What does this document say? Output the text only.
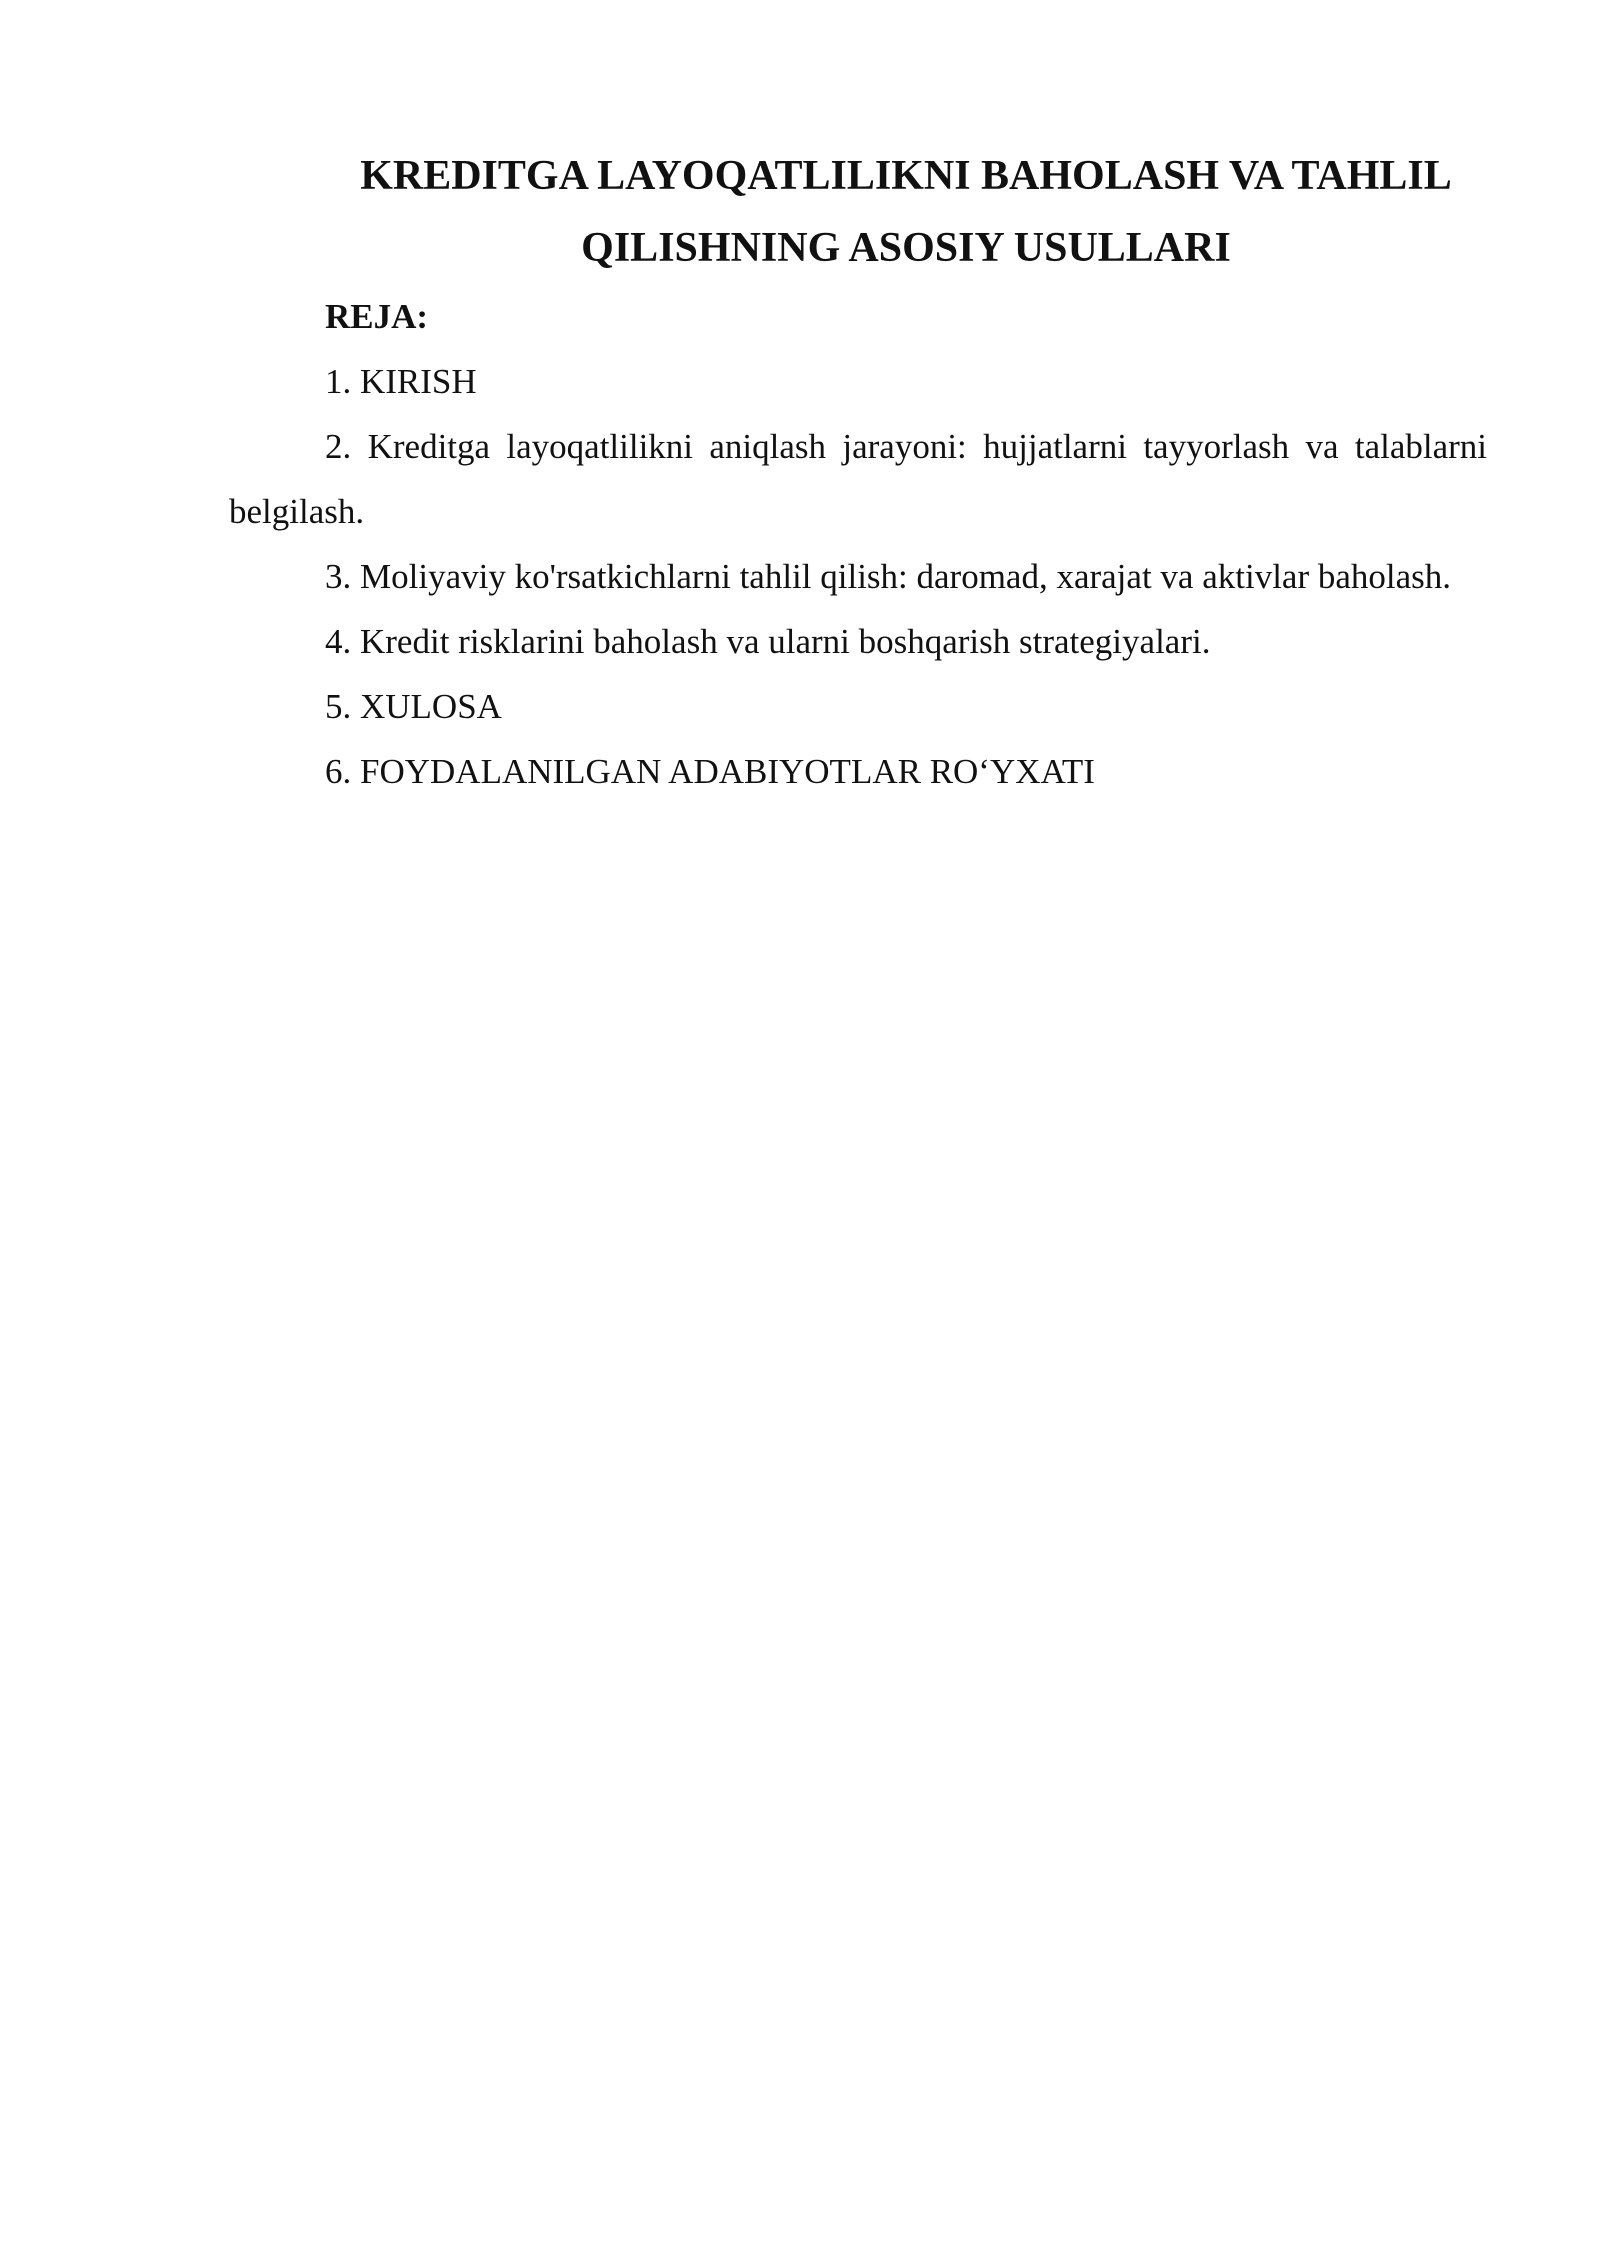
KREDITGA LAYOQATLILIKNI BAHOLASH VA TAHLIL
QILISHNING ASOSIY USULLARI

REJA:

1. KIRISH

2. Kreditga layoqatlilikni aniqlash jarayoni: hujjatlarni tayyorlash va talablarni belgilash.

3. Moliyaviy ko'rsatkichlarni tahlil qilish: daromad, xarajat va aktivlar baholash.

4. Kredit risklarini baholash va ularni boshqarish strategiyalari.

5. XULOSA

6. FOYDALANILGAN ADABIYOTLAR RO‘YXATI
